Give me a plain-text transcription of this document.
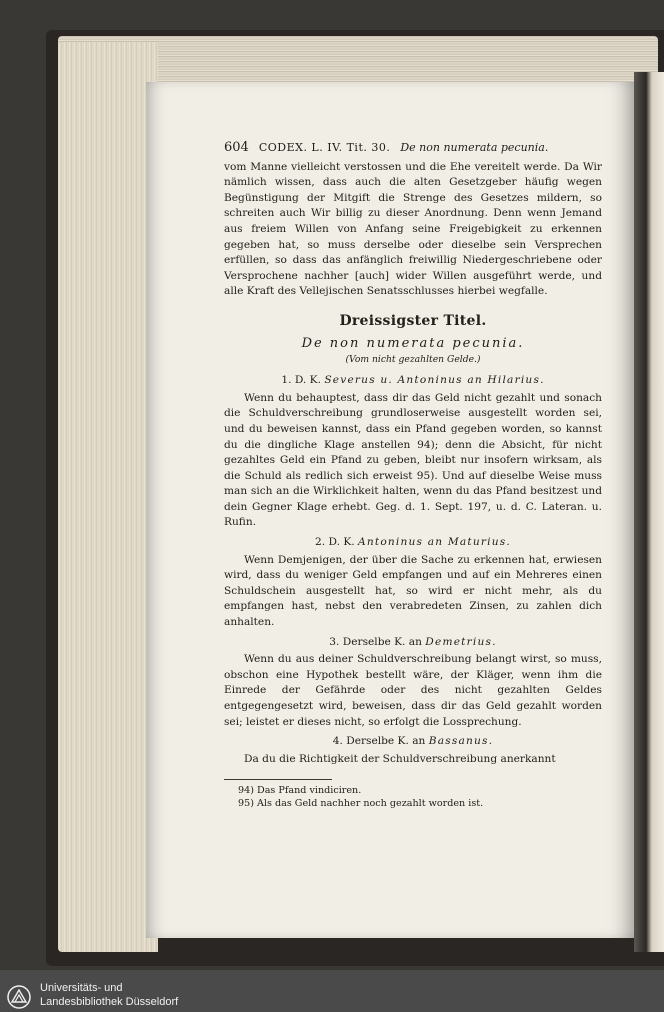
604 CODEX. L. IV. Tit. 30. De non numerata pecunia.

vom Manne vielleicht verstossen und die Ehe vereitelt werde. Da Wir nämlich wissen, dass auch die alten Gesetzgeber häufig wegen Begünstigung der Mitgift die Strenge des Gesetzes mildern, so schreiten auch Wir billig zu dieser Anordnung. Denn wenn Jemand aus freiem Willen von Anfang seine Freigebigkeit zu erkennen gegeben hat, so muss derselbe oder dieselbe sein Versprechen erfüllen, so dass das anfänglich freiwillig Niedergeschriebene oder Versprochene nachher [auch] wider Willen ausgeführt werde, und alle Kraft des Vellejischen Senatsschlusses hierbei wegfalle.

Dreissigster Titel.
De non numerata pecunia.
(Vom nicht gezahlten Gelde.)
1. D. K. Severus u. Antoninus an Hilarius.

Wenn du behauptest, dass dir das Geld nicht gezahlt und sonach die Schuldverschreibung grundloserweise ausgestellt worden sei, und du beweisen kannst, dass ein Pfand gegeben worden, so kannst du die dingliche Klage anstellen 94); denn die Absicht, für nicht gezahltes Geld ein Pfand zu geben, bleibt nur insofern wirksam, als die Schuld als redlich sich erweist 95). Und auf dieselbe Weise muss man sich an die Wirklichkeit halten, wenn du das Pfand besitzest und dein Gegner Klage erhebt. Geg. d. 1. Sept. 197, u. d. C. Lateran. u. Rufin.

2. D. K. Antoninus an Maturius.

Wenn Demjenigen, der über die Sache zu erkennen hat, erwiesen wird, dass du weniger Geld empfangen und auf ein Mehreres einen Schuldschein ausgestellt hat, so wird er nicht mehr, als du empfangen hast, nebst den verabredeten Zinsen, zu zahlen dich anhalten.

3. Derselbe K. an Demetrius.

Wenn du aus deiner Schuldverschreibung belangt wirst, so muss, obschon eine Hypothek bestellt wäre, der Kläger, wenn ihm die Einrede der Gefährde oder des nicht gezahlten Geldes entgegengesetzt wird, beweisen, dass dir das Geld gezahlt worden sei; leistet er dieses nicht, so erfolgt die Lossprechung.

4. Derselbe K. an Bassanus.

Da du die Richtigkeit der Schuldverschreibung anerkannt

94) Das Pfand vindiciren.
95) Als das Geld nachher noch gezahlt worden ist.
Universitäts- und
Landesbibliothek Düsseldorf
